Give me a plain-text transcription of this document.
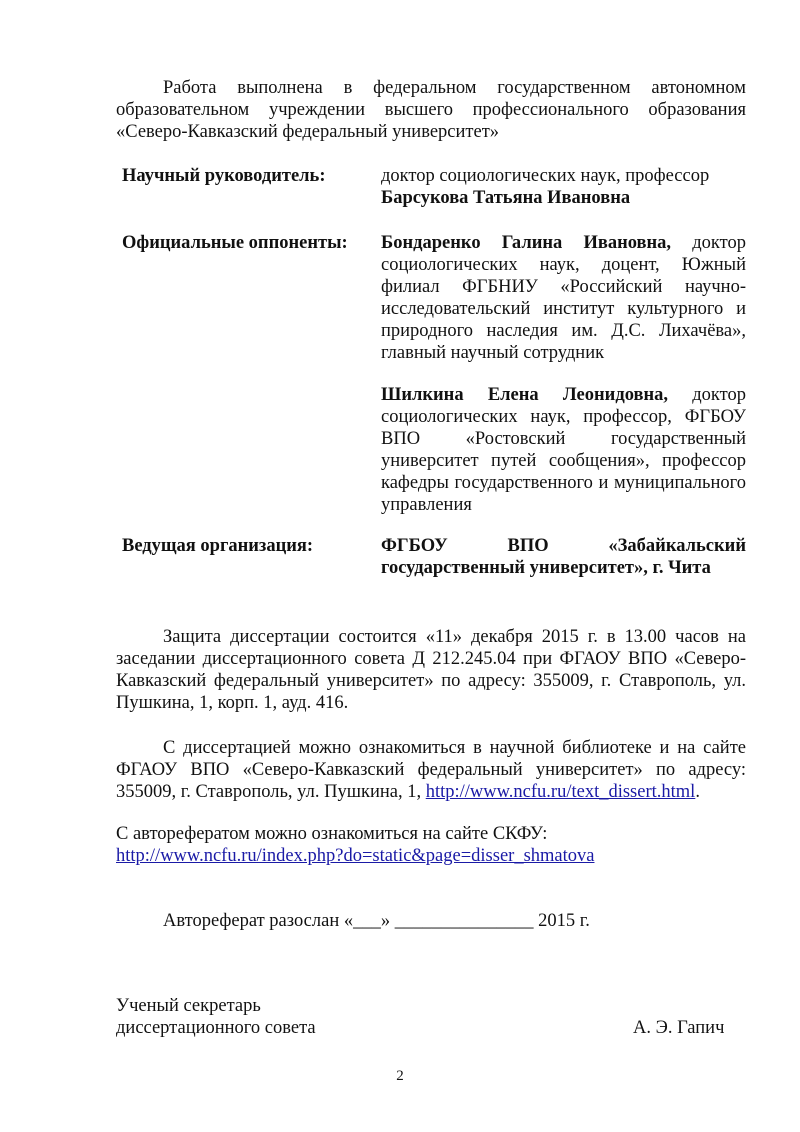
Работа выполнена в федеральном государственном автономном образовательном учреждении высшего профессионального образования «Северо-Кавказский федеральный университет»
Научный руководитель:	доктор социологических наук, профессор
Барсукова Татьяна Ивановна
Официальные оппоненты: Бондаренко Галина Ивановна, доктор социологических наук, доцент, Южный филиал ФГБНИУ «Российский научно-исследовательский институт культурного и природного наследия им. Д.С. Лихачёва», главный научный сотрудник
Шилкина Елена Леонидовна, доктор социологических наук, профессор, ФГБОУ ВПО «Ростовский государственный университет путей сообщения», профессор кафедры государственного и муниципального управления
Ведущая организация:	ФГБОУ ВПО «Забайкальский государственный университет», г. Чита
Защита диссертации состоится «11» декабря 2015 г. в 13.00 часов на заседании диссертационного совета Д 212.245.04 при ФГАОУ ВПО «Северо-Кавказский федеральный университет» по адресу: 355009, г. Ставрополь, ул. Пушкина, 1, корп. 1, ауд. 416.
С диссертацией можно ознакомиться в научной библиотеке и на сайте ФГАОУ ВПО «Северо-Кавказский федеральный университет» по адресу: 355009, г. Ставрополь, ул. Пушкина, 1, http://www.ncfu.ru/text_dissert.html.
С авторефератом можно ознакомиться на сайте СКФУ:
http://www.ncfu.ru/index.php?do=static&page=disser_shmatova
Автореферат разослан «___» _______________ 2015 г.
Ученый секретарь
диссертационного совета	А. Э. Гапич
2
